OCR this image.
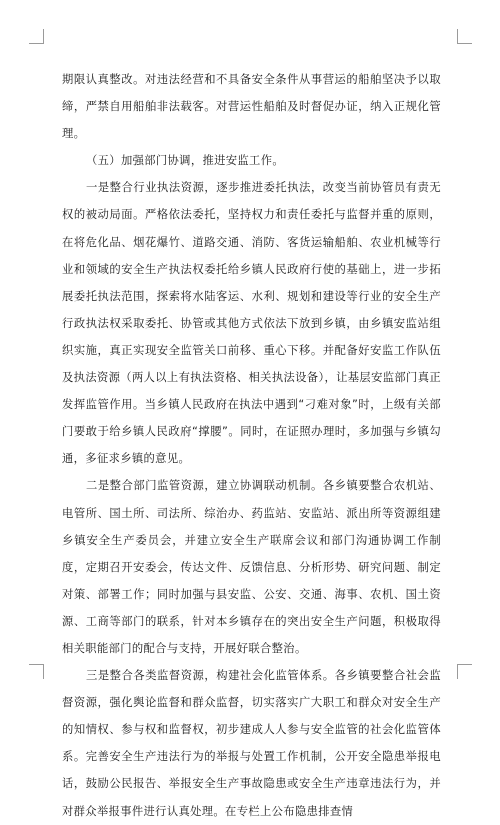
期限认真整改。对违法经营和不具备安全条件从事营运的船舶坚决予以取缔，严禁自用船舶非法载客。对营运性船舶及时督促办证，纳入正规化管理。

（五）加强部门协调，推进安监工作。

一是整合行业执法资源，逐步推进委托执法，改变当前协管员有责无权的被动局面。严格依法委托，坚持权力和责任委托与监督并重的原则，在将危化品、烟花爆竹、道路交通、消防、客货运输船舶、农业机械等行业和领域的安全生产执法权委托给乡镇人民政府行使的基础上，进一步拓展委托执法范围，探索将水陆客运、水利、规划和建设等行业的安全生产行政执法权采取委托、协管或其他方式依法下放到乡镇，由乡镇安监站组织实施，真正实现安全监管关口前移、重心下移。并配备好安监工作队伍及执法资源（两人以上有执法资格、相关执法设备），让基层安监部门真正发挥监管作用。当乡镇人民政府在执法中遇到“刁难对象”时，上级有关部门要敢于给乡镇人民政府“撑腰”。同时，在证照办理时，多加强与乡镇勾通，多征求乡镇的意见。

二是整合部门监管资源，建立协调联动机制。各乡镇要整合农机站、电管所、国土所、司法所、综治办、药监站、安监站、派出所等资源组建乡镇安全生产委员会，并建立安全生产联席会议和部门沟通协调工作制度，定期召开安委会，传达文件、反馈信息、分析形势、研究问题、制定对策、部署工作；同时加强与县安监、公安、交通、海事、农机、国土资源、工商等部门的联系，针对本乡镇存在的突出安全生产问题，积极取得相关职能部门的配合与支持，开展好联合整治。

三是整合各类监督资源，构建社会化监管体系。各乡镇要整合社会监督资源，强化舆论监督和群众监督，切实落实广大职工和群众对安全生产的知情权、参与权和监督权，初步建成人人参与安全监管的社会化监管体系。完善安全生产违法行为的举报与处置工作机制，公开安全隐患举报电话，鼓励公民报告、举报安全生产事故隐患或安全生产违章违法行为，并对群众举报事件进行认真处理。在专栏上公布隐患排查情
